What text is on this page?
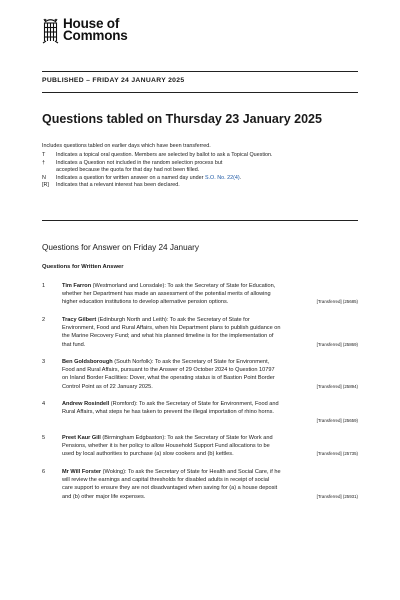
House of
Commons
PUBLISHED – FRIDAY 24 JANUARY 2025
Questions tabled on Thursday 23 January 2025
Includes questions tabled on earlier days which have been transferred.
T	Indicates a topical oral question. Members are selected by ballot to ask a Topical Question.
†	Indicates a Question not included in the random selection process but
accepted because the quota for that day had not been filled.
N	Indicates a question for written answer on a named day under S.O. No. 22(4).
[R]	Indicates that a relevant interest has been declared.
Questions for Answer on Friday 24 January
Questions for Written Answer
1	Tim Farron (Westmorland and Lonsdale): To ask the Secretary of State for Education,
whether her Department has made an assessment of the potential merits of allowing
higher education institutions to develop alternative pension options.	[Transferred] (25685)
2	Tracy Gilbert (Edinburgh North and Leith): To ask the Secretary of State for
Environment, Food and Rural Affairs, when his Department plans to publish guidance on
the Marine Recovery Fund; and what his planned timeline is for the implementation of
that fund.	[Transferred] (25869)
3	Ben Goldsborough (South Norfolk): To ask the Secretary of State for Environment,
Food and Rural Affairs, pursuant to the Answer of 29 October 2024 to Question 10797
on Inland Border Facilities: Dover, what the operating status is of Bastion Point Border
Control Point as of 22 January 2025.	[Transferred] (25894)
4	Andrew Rosindell (Romford): To ask the Secretary of State for Environment, Food and
Rural Affairs, what steps he has taken to prevent the illegal importation of rhino horns.
[Transferred] (25659)
5	Preet Kaur Gill (Birmingham Edgbaston): To ask the Secretary of State for Work and
Pensions, whether it is her policy to allow Household Support Fund allocations to be
used by local authorities to purchase (a) slow cookers and (b) kettles.	[Transferred] (25735)
6	Mr Will Forster (Woking): To ask the Secretary of State for Health and Social Care, if he
will review the earnings and capital thresholds for disabled adults in receipt of social
care support to ensure they are not disadvantaged when saving for (a) a house deposit
and (b) other major life expenses.	[Transferred] (25931)
